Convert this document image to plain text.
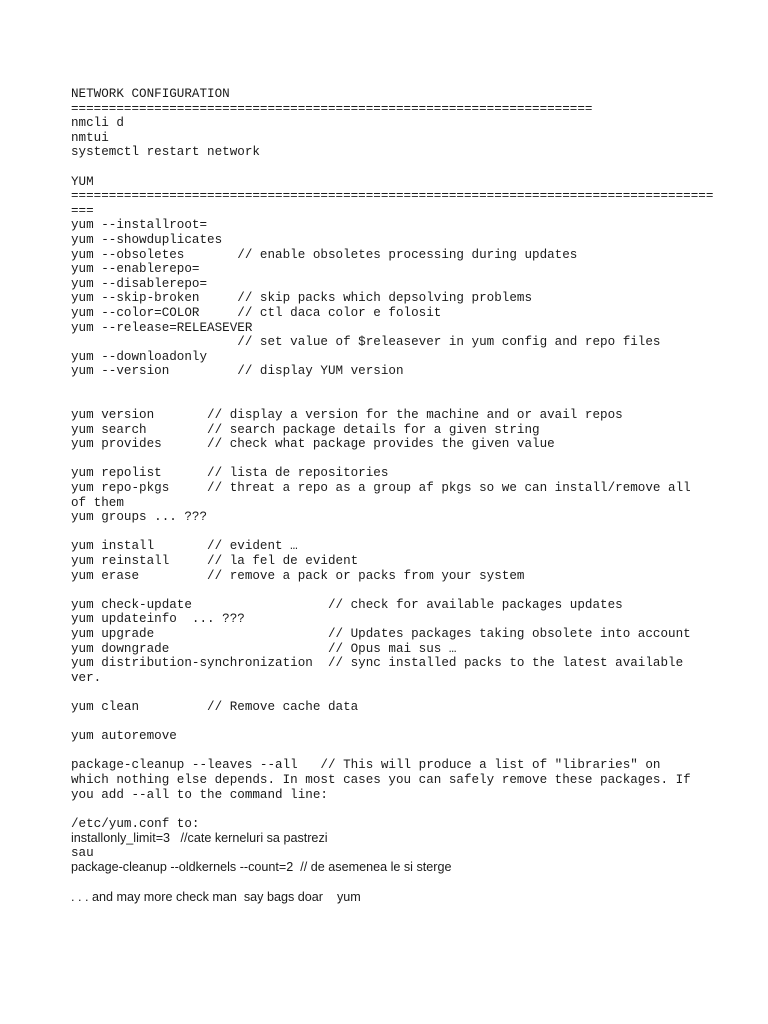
NETWORK CONFIGURATION
=====================================================================
nmcli d
nmtui
systemctl restart network
YUM
=====================================================================================
===
yum --installroot=
yum --showduplicates
yum --obsoletes       // enable obsoletes processing during updates
yum --enablerepo=
yum --disablerepo=
yum --skip-broken     // skip packs which depsolving problems
yum --color=COLOR     // ctl daca color e folosit
yum --release=RELEASEVER
// set value of $releasever in yum config and repo files
yum --downloadonly
yum --version         // display YUM version
yum version       // display a version for the machine and or avail repos
yum search        // search package details for a given string
yum provides      // check what package provides the given value
yum repolist      // lista de repositories
yum repo-pkgs     // threat a repo as a group af pkgs so we can install/remove all
of them
yum groups ... ???
yum install       // evident …
yum reinstall     // la fel de evident
yum erase         // remove a pack or packs from your system
yum check-update                  // check for available packages updates
yum updateinfo  ... ???
yum upgrade                       // Updates packages taking obsolete into account
yum downgrade                     // Opus mai sus …
yum distribution-synchronization  // sync installed packs to the latest available
ver.
yum clean         // Remove cache data
yum autoremove
package-cleanup --leaves --all   // This will produce a list of "libraries" on
which nothing else depends. In most cases you can safely remove these packages. If
you add --all to the command line:
/etc/yum.conf to:
installonly_limit=3   //cate kerneluri sa pastrezi
sau
package-cleanup --oldkernels --count=2  // de asemenea le si sterge
. . . and may more check man  say bags doar    yum
